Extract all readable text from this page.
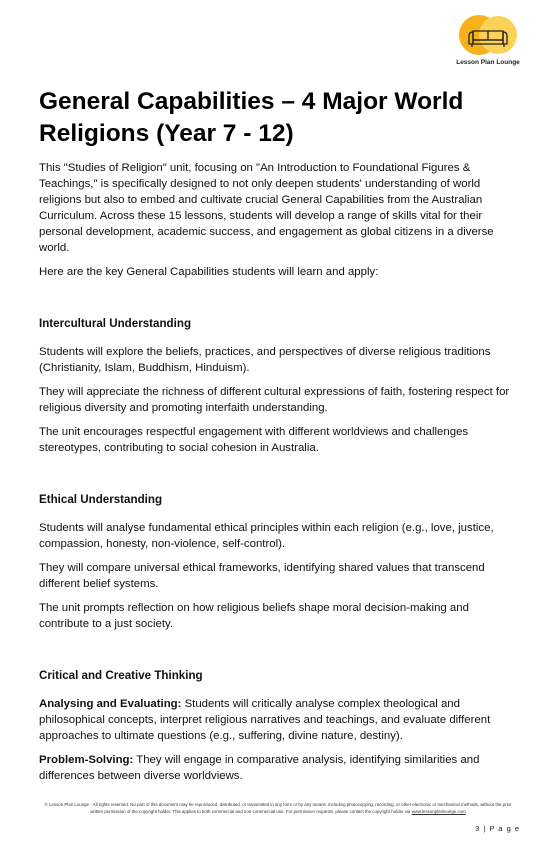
Lesson Plan Lounge
General Capabilities – 4 Major World Religions (Year 7 - 12)

This "Studies of Religion" unit, focusing on "An Introduction to Foundational Figures & Teachings," is specifically designed to not only deepen students' understanding of world religions but also to embed and cultivate crucial General Capabilities from the Australian Curriculum. Across these 15 lessons, students will develop a range of skills vital for their personal development, academic success, and engagement as global citizens in a diverse world.

Here are the key General Capabilities students will learn and apply:

Intercultural Understanding

Students will explore the beliefs, practices, and perspectives of diverse religious traditions (Christianity, Islam, Buddhism, Hinduism).

They will appreciate the richness of different cultural expressions of faith, fostering respect for religious diversity and promoting interfaith understanding.

The unit encourages respectful engagement with different worldviews and challenges stereotypes, contributing to social cohesion in Australia.

Ethical Understanding

Students will analyse fundamental ethical principles within each religion (e.g., love, justice, compassion, honesty, non-violence, self-control).

They will compare universal ethical frameworks, identifying shared values that transcend different belief systems.

The unit prompts reflection on how religious beliefs shape moral decision-making and contribute to a just society.

Critical and Creative Thinking

Analysing and Evaluating: Students will critically analyse complex theological and philosophical concepts, interpret religious narratives and teachings, and evaluate different approaches to ultimate questions (e.g., suffering, divine nature, destiny).

Problem-Solving: They will engage in comparative analysis, identifying similarities and differences between diverse worldviews.

© Lesson Plan Lounge - All rights reserved. No part of this document may be reproduced, distributed, or transmitted in any form or by any means, including photocopying, recording, or other electronic or mechanical methods, without the prior written permission of the copyright holder. This applies to both commercial and non-commercial use. For permission requests, please contact the copyright holder via www.lessonplanlounge.com
3 | P a g e
